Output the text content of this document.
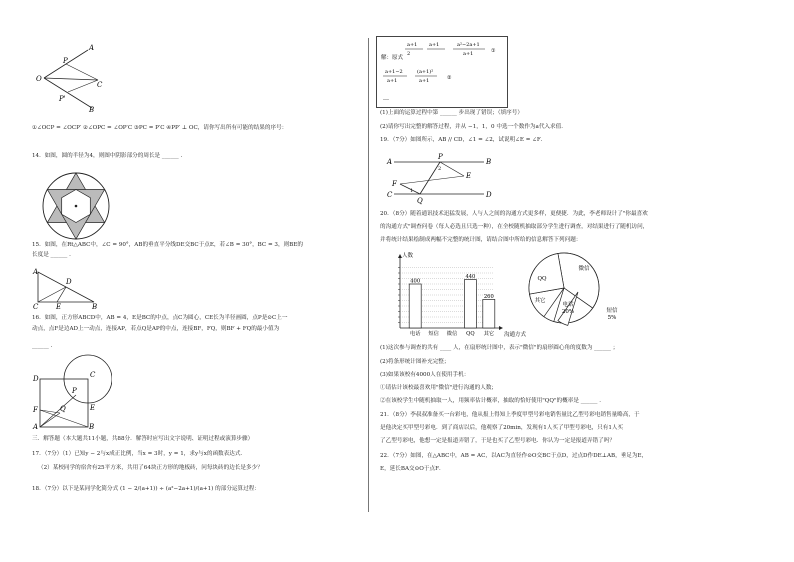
O
A
P
P'
C
B
①∠OCP = ∠OCP′ ②∠OPC = ∠OP′C ③PC = P′C ④PP′ ⊥ OC，请你写出所有可能的结果的序号：
14．如图，圆的半径为4，则图中阴影部分的周长是 ______ .
15．如图，在Rt△ABC中，∠C = 90°，AB的垂直平分线DE交BC于点E，若∠B = 30°，BC = 3，则BE的
长度是 ______ .
A
D
C	E	B
16．如图，正方形ABCD中，AB = 4，E是BC的中点，点C为圆心，CE长为半径画圆，点P是⊙C上一
动点，点F是边AD上一动点，连接AP，若点Q是AP的中点，连接BF，FQ，则BF + FQ的最小值为
______ .
D	C
P
F	Q	E
A	B
三．解答题（本大题共11小题，共88分．解答时应写出文字说明、证明过程或演算步骤）
17．（7分）（1）已知y − 2与x成正比例，当x = 3时，y = 1，求y与x的函数表达式．
（2）某校同学的宿舍有25平方米，共用了64块正方形的地板砖，问每块砖的边长是多少？
18．（7分）以下是某同学化简分式 (1 − 2/(a+1)) ÷ (a²−2a+1)/(a+1) 的部分运算过程：
解：原式
a+1
2
a+1	a²−2a+1
a+1	①
a+1−2
a+1
(a+1)²
a+1	②
…
(1)上面的运算过程中第 ______ 步出现了错误；（填序号）
(2)请你写出完整的解答过程，并从 −1，1，0 中选一个数作为a代入求值．
19．（7分）如图所示，AB // CD，∠1 = ∠2，试说明∠E = ∠F．
A
P
B
E
F
C
Q
D
1
2
20．（8分）随着通讯技术迅猛发展，人与人之间的沟通方式更多样，更便捷．为此，李老师设计了"你最喜欢
的沟通方式"调查问卷（每人必选且只选一种），在全校随机抽取部分学生进行调查，对结果进行了随机访问，
并将统计结果绘制成两幅不完整的统计图，请结合图中所给的信息解答下列问题：
人数
沟通方式
电话
400
短信 微信 QQ
440
其它
260
微信
电话
20%	短信
5%
其它
QQ
(1)这次参与调查的共有 ____ 人，在扇形统计图中，表示"微信"的扇形圆心角的度数为 ______ ；
(2)将条形统计图补充完整；
(3)如果该校有4000人在使用手机：
①请估计该校最喜欢用"微信"进行沟通的人数；
②在该校学生中随机抽取一人，用频率估计概率，抽取的恰好使用"QQ"的概率是 ______ ．
21．（8分）李叔叔准备买一台彩电，他从报上得知上季度甲型号彩电销售量比乙型号彩电销售量略高，于
是他决定买甲型号彩电．到了商店以后，他观察了20min，发现有1人买了甲型号彩电，只有1人买
了乙型号彩电，他想一定是报道弄错了，于是也买了乙型号彩电．你认为一定是报道弄错了吗？
22．（7分）如图，在△ABC中，AB = AC，以AC为直径作⊙O交BC于点D，过点D作DE⊥AB，垂足为E，
E，延长BA交⊙O于点F．
